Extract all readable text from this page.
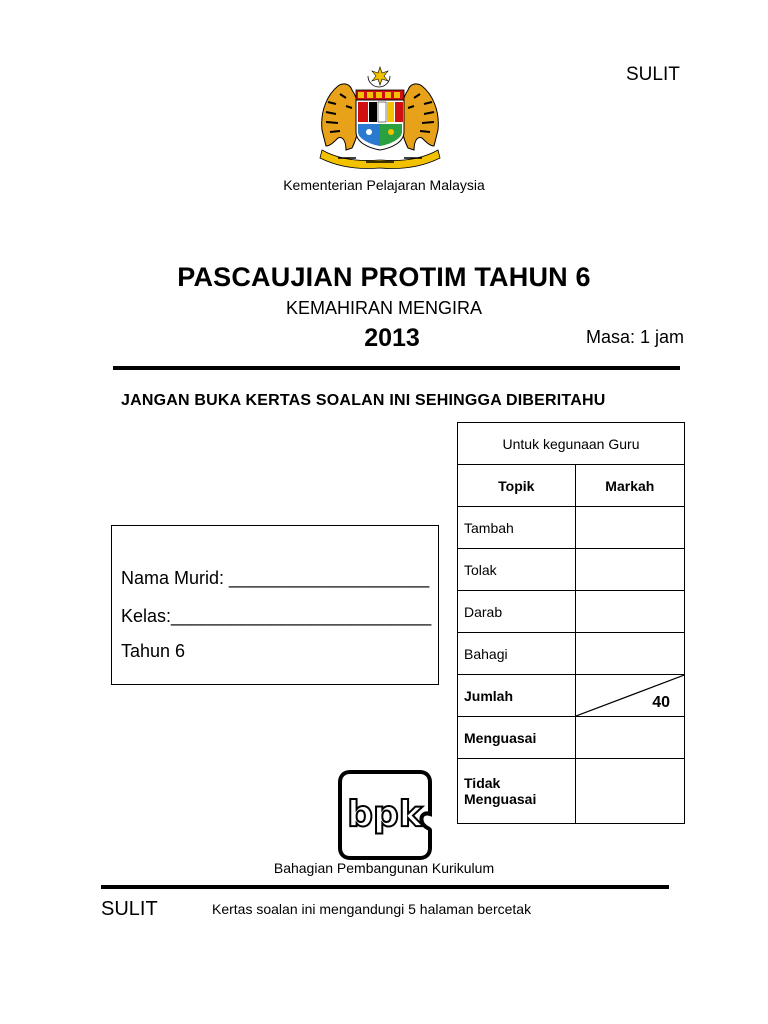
SULIT
Kementerian Pelajaran Malaysia
PASCAUJIAN PROTIM TAHUN 6
KEMAHIRAN MENGIRA
2013	Masa: 1 jam
JANGAN BUKA KERTAS SOALAN INI SEHINGGA DIBERITAHU
Untuk kegunaan Guru	
Topik	Markah
Tambah	
Tolak	
Darab	
Bahagi	
Jumlah	40

Menguasai	
Tidak Menguasai	
Nama Murid: ____________________
Kelas:__________________________
Tahun 6
bpk
Bahagian Pembangunan Kurikulum
SULIT	Kertas soalan ini mengandungi 5 halaman bercetak
